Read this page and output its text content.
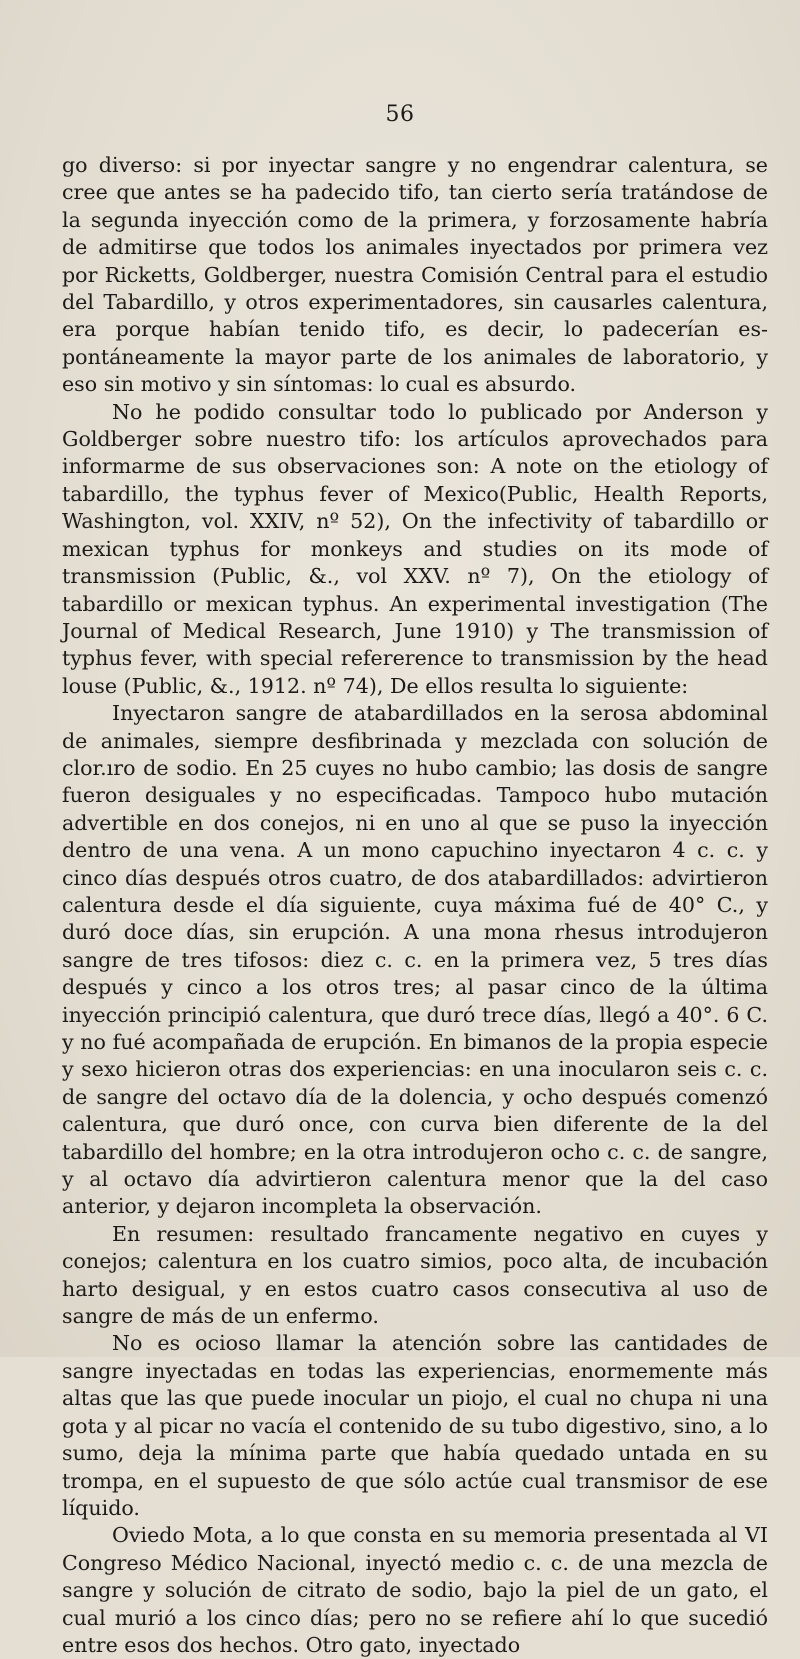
56

go diverso: si por inyectar sangre y no engendrar calentura, se cree que antes se ha padecido tifo, tan cierto sería tratándose de la segunda inyección como de la primera, y forzosamente habría de admitirse que todos los animales inyectados por primera vez por Ricketts, Goldberger, nuestra Comisión Central para el estudio del Tabardillo, y otros experimentadores, sin causarles calentura, era porque habían tenido tifo, es decir, lo padecerían espontáneamente la mayor parte de los animales de laboratorio, y eso sin motivo y sin síntomas: lo cual es absurdo.

No he podido consultar todo lo publicado por Anderson y Goldberger sobre nuestro tifo: los artículos aprovechados para informarme de sus observaciones son: A note on the etiology of tabardillo, the typhus fever of Mexico(Public, Health Reports, Washington, vol. XXIV, nº 52), On the infectivity of tabardillo or mexican typhus for monkeys and studies on its mode of transmission (Public, &., vol XXV. nº 7), On the etiology of tabardillo or mexican typhus. An experimental investigation (The Journal of Medical Research, June 1910) y The transmission of typhus fever, with special refererence to transmission by the head louse (Public, &., 1912. nº 74), De ellos resulta lo siguiente:

Inyectaron sangre de atabardillados en la serosa abdominal de animales, siempre desfibrinada y mezclada con solución de clor.ıro de sodio. En 25 cuyes no hubo cambio; las dosis de sangre fueron desiguales y no especificadas. Tampoco hubo mutación advertible en dos conejos, ni en uno al que se puso la inyección dentro de una vena. A un mono capuchino inyectaron 4 c. c. y cinco días después otros cuatro, de dos atabardillados: advirtieron calentura desde el día siguiente, cuya máxima fué de 40° C., y duró doce días, sin erupción. A una mona rhesus introdujeron sangre de tres tifosos: diez c. c. en la primera vez, 5 tres días después y cinco a los otros tres; al pasar cinco de la última inyección principió calentura, que duró trece días, llegó a 40°. 6 C. y no fué acompañada de erupción. En bimanos de la propia especie y sexo hicieron otras dos experiencias: en una inocularon seis c. c. de sangre del octavo día de la dolencia, y ocho después comenzó calentura, que duró once, con curva bien diferente de la del tabardillo del hombre; en la otra introdujeron ocho c. c. de sangre, y al octavo día advirtieron calentura menor que la del caso anterior, y dejaron incompleta la observación.

En resumen: resultado francamente negativo en cuyes y conejos; calentura en los cuatro simios, poco alta, de incubación harto desigual, y en estos cuatro casos consecutiva al uso de sangre de más de un enfermo.

No es ocioso llamar la atención sobre las cantidades de sangre inyectadas en todas las experiencias, enormemente más altas que las que puede inocular un piojo, el cual no chupa ni una gota y al picar no vacía el contenido de su tubo digestivo, sino, a lo sumo, deja la mínima parte que había quedado untada en su trompa, en el supuesto de que sólo actúe cual transmisor de ese líquido.

Oviedo Mota, a lo que consta en su memoria presentada al VI Congreso Médico Nacional, inyectó medio c. c. de una mezcla de sangre y solución de citrato de sodio, bajo la piel de un gato, el cual murió a los cinco días; pero no se refiere ahí lo que sucedió entre esos dos hechos. Otro gato, inyectado
